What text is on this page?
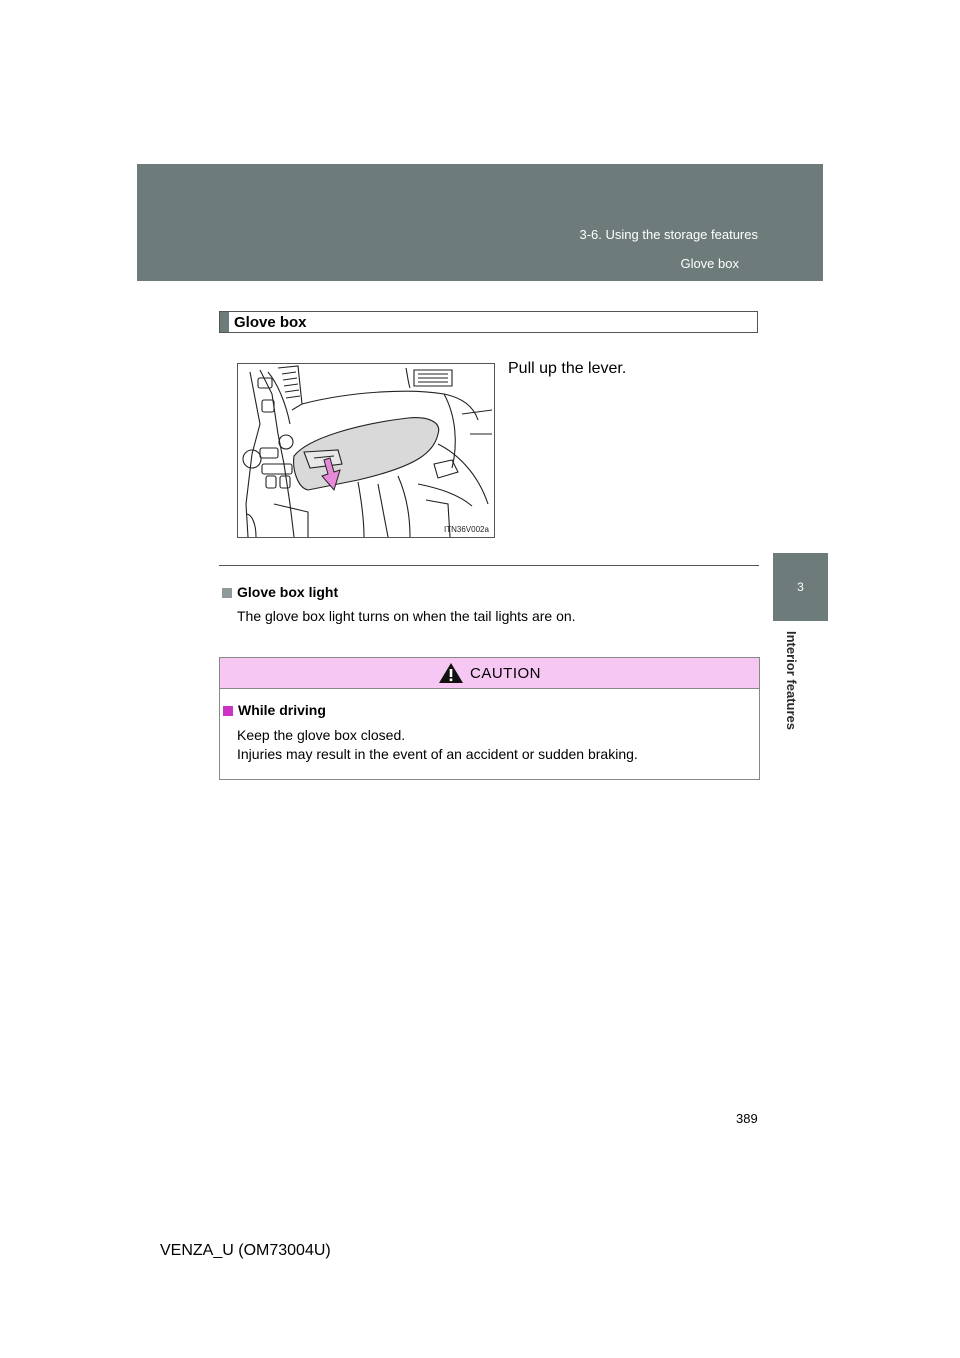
3-6. Using the storage features
Glove box
3
Interior features
Glove box
ITN36V002a
Pull up the lever.
Glove box light
The glove box light turns on when the tail lights are on.
CAUTION
While driving
Keep the glove box closed.
Injuries may result in the event of an accident or sudden braking.
389
VENZA_U (OM73004U)
